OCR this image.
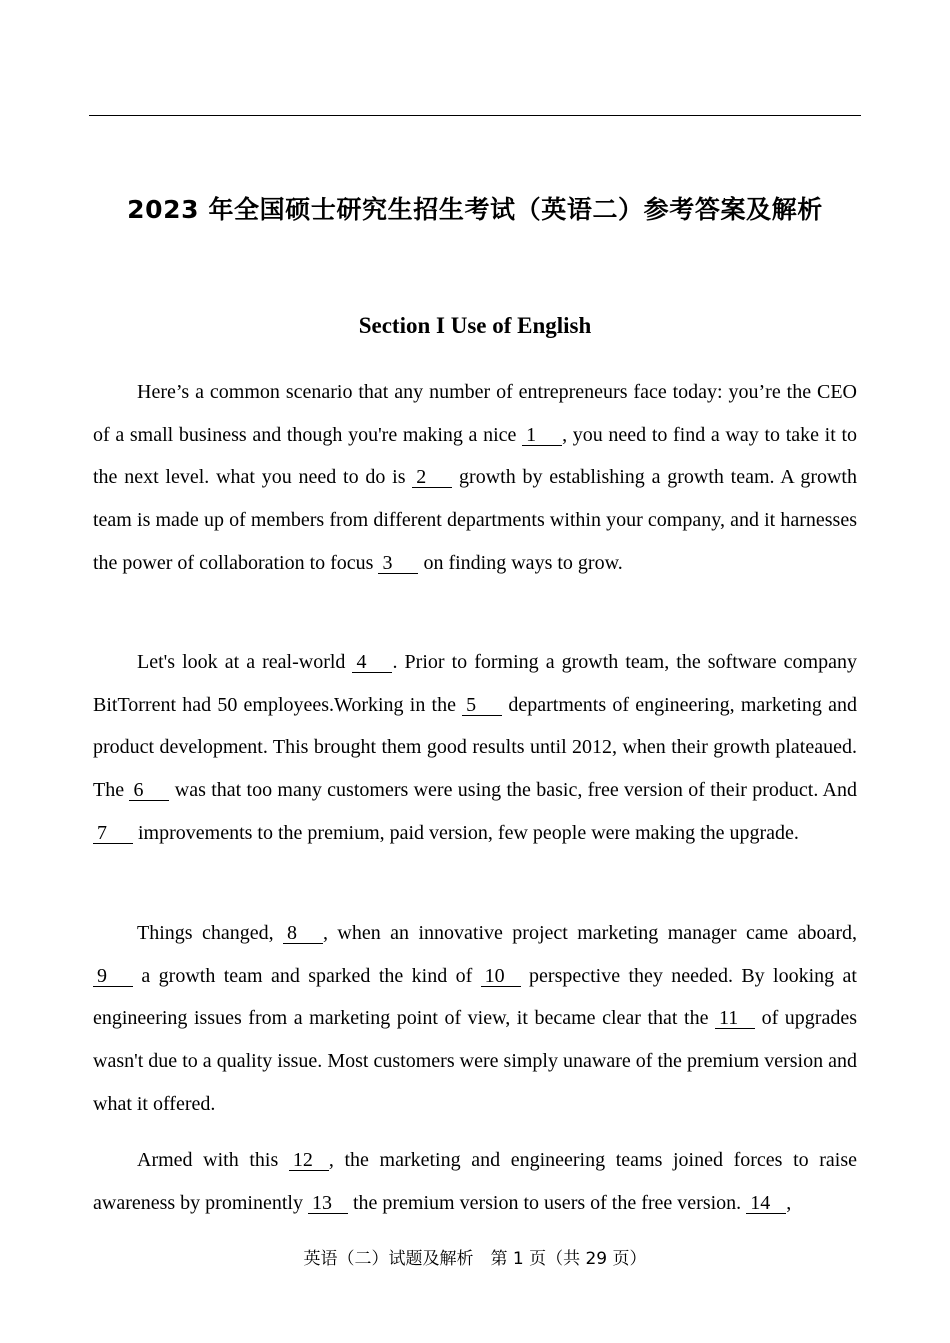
2023 年全国硕士研究生招生考试（英语二）参考答案及解析
Section I Use of English

Here’s a common scenario that any number of entrepreneurs face today: you’re the CEO of a small business and though you're making a nice 1 , you need to find a way to take it to the next level. what you need to do is 2 growth by establishing a growth team. A growth team is made up of members from different departments within your company, and it harnesses the power of collaboration to focus 3 on finding ways to grow.

Let's look at a real-world 4 . Prior to forming a growth team, the software company BitTorrent had 50 employees.Working in the 5 departments of engineering, marketing and product development. This brought them good results until 2012, when their growth plateaued. The 6 was that too many customers were using the basic, free version of their product. And 7 improvements to the premium, paid version, few people were making the upgrade.

Things changed, 8 , when an innovative project marketing manager came aboard, 9 a growth team and sparked the kind of 10 perspective they needed. By looking at engineering issues from a marketing point of view, it became clear that the 11 of upgrades wasn't due to a quality issue. Most customers were simply unaware of the premium version and what it offered.

Armed with this 12 , the marketing and engineering teams joined forces to raise awareness by prominently 13 the premium version to users of the free version. 14 ,

英语（二）试题及解析　第 1 页（共 29 页）
